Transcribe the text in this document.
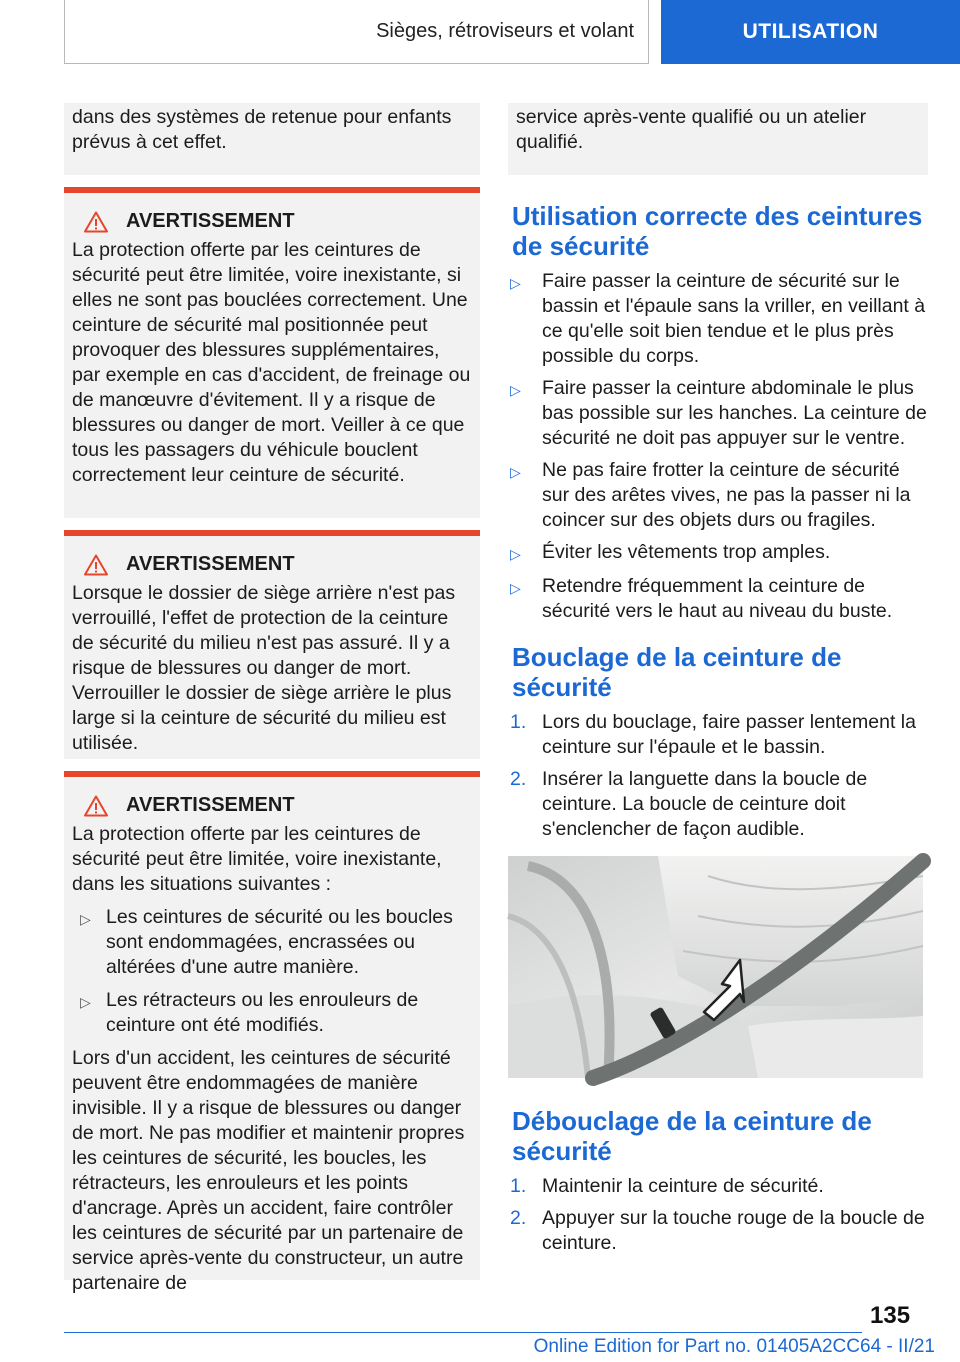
Sièges, rétroviseurs et volant	UTILISATION

dans des systèmes de retenue pour enfants prévus à cet effet.

AVERTISSEMENT

La protection offerte par les ceintures de sécurité peut être limitée, voire inexistante, si elles ne sont pas bouclées correctement. Une ceinture de sécurité mal positionnée peut provoquer des blessures supplémentaires, par exemple en cas d'accident, de freinage ou de manœuvre d'évitement. Il y a risque de blessures ou danger de mort. Veiller à ce que tous les passagers du véhicule bouclent correctement leur ceinture de sécurité.

AVERTISSEMENT

Lorsque le dossier de siège arrière n'est pas verrouillé, l'effet de protection de la ceinture de sécurité du milieu n'est pas assuré. Il y a risque de blessures ou danger de mort. Verrouiller le dossier de siège arrière le plus large si la ceinture de sécurité du milieu est utilisée.

AVERTISSEMENT

La protection offerte par les ceintures de sécurité peut être limitée, voire inexistante, dans les situations suivantes :

▷ Les ceintures de sécurité ou les boucles sont endommagées, encrassées ou altérées d'une autre manière.
▷ Les rétracteurs ou les enrouleurs de ceinture ont été modifiés.

Lors d'un accident, les ceintures de sécurité peuvent être endommagées de manière invisible. Il y a risque de blessures ou danger de mort. Ne pas modifier et maintenir propres les ceintures de sécurité, les boucles, les rétracteurs, les enrouleurs et les points d'ancrage. Après un accident, faire contrôler les ceintures de sécurité par un partenaire de service après-vente du constructeur, un autre partenaire de

service après-vente qualifié ou un atelier qualifié.

Utilisation correcte des ceintures de sécurité
▷	Faire passer la ceinture de sécurité sur le bassin et l'épaule sans la vriller, en veillant à ce qu'elle soit bien tendue et le plus près possible du corps.
▷	Faire passer la ceinture abdominale le plus bas possible sur les hanches. La ceinture de sécurité ne doit pas appuyer sur le ventre.
▷	Ne pas faire frotter la ceinture de sécurité sur des arêtes vives, ne pas la passer ni la coincer sur des objets durs ou fragiles.
▷	Éviter les vêtements trop amples.
▷	Retendre fréquemment la ceinture de sécurité vers le haut au niveau du buste.
Bouclage de la ceinture de sécurité
1. Lors du bouclage, faire passer lentement la ceinture sur l'épaule et le bassin.
2. Insérer la languette dans la boucle de ceinture. La boucle de ceinture doit s'enclencher de façon audible.
Débouclage de la ceinture de sécurité
1. Maintenir la ceinture de sécurité.
2. Appuyer sur la touche rouge de la boucle de ceinture.
135
Online Edition for Part no. 01405A2CC64 - II/21
